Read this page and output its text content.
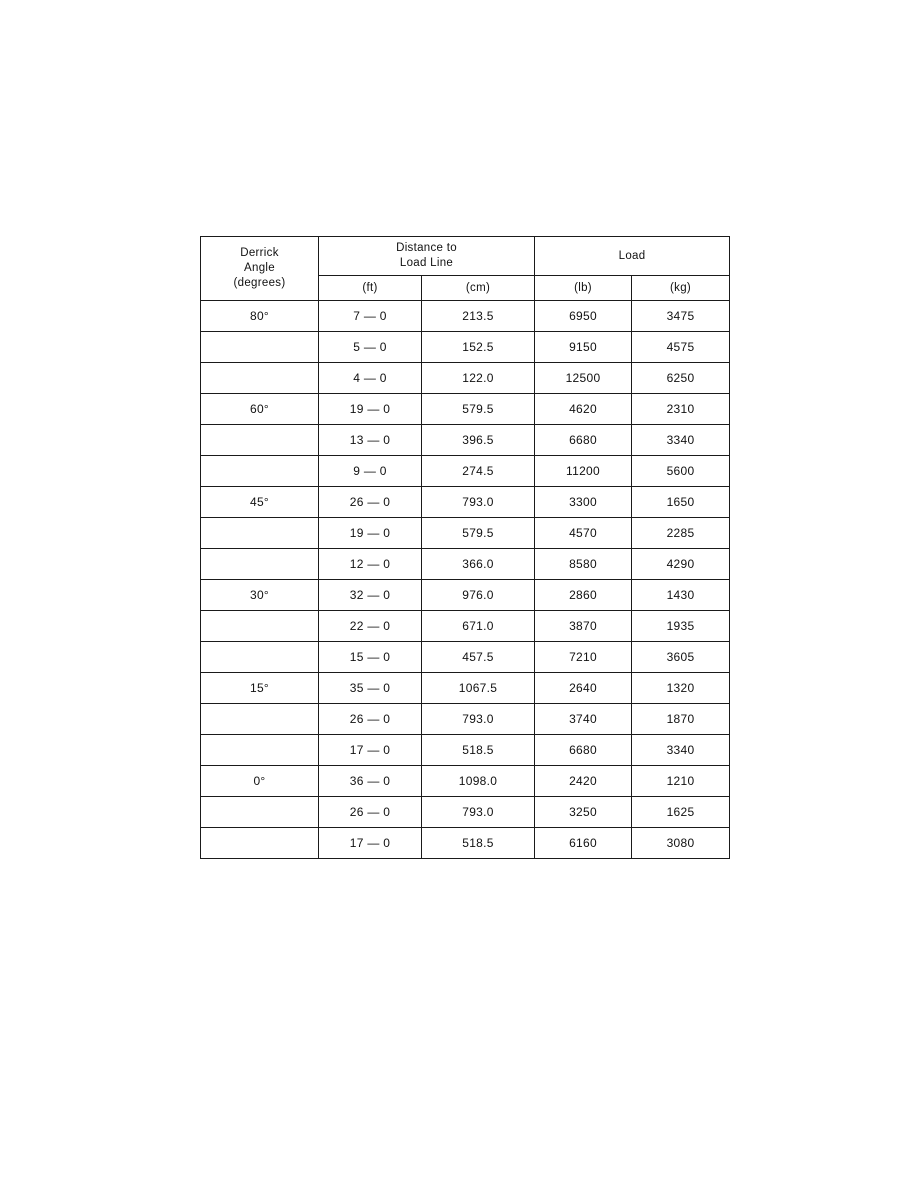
Derrick
Angle
(degrees)

Distance to
Load Line
	Load
	(ft)	(cm)	(lb)	(kg)
80°	7 — 0	213.5	6950	3475
	5 — 0	152.5	9150	4575
	4 — 0	122.0	12500	6250
60°	19 — 0	579.5	4620	2310
	13 — 0	396.5	6680	3340
	9 — 0	274.5	11200	5600
45°	26 — 0	793.0	3300	1650
	19 — 0	579.5	4570	2285
	12 — 0	366.0	8580	4290
30°	32 — 0	976.0	2860	1430
	22 — 0	671.0	3870	1935
	15 — 0	457.5	7210	3605
15°	35 — 0	1067.5	2640	1320
	26 — 0	793.0	3740	1870
	17 — 0	518.5	6680	3340
0°	36 — 0	1098.0	2420	1210
	26 — 0	793.0	3250	1625
	17 — 0	518.5	6160	3080
